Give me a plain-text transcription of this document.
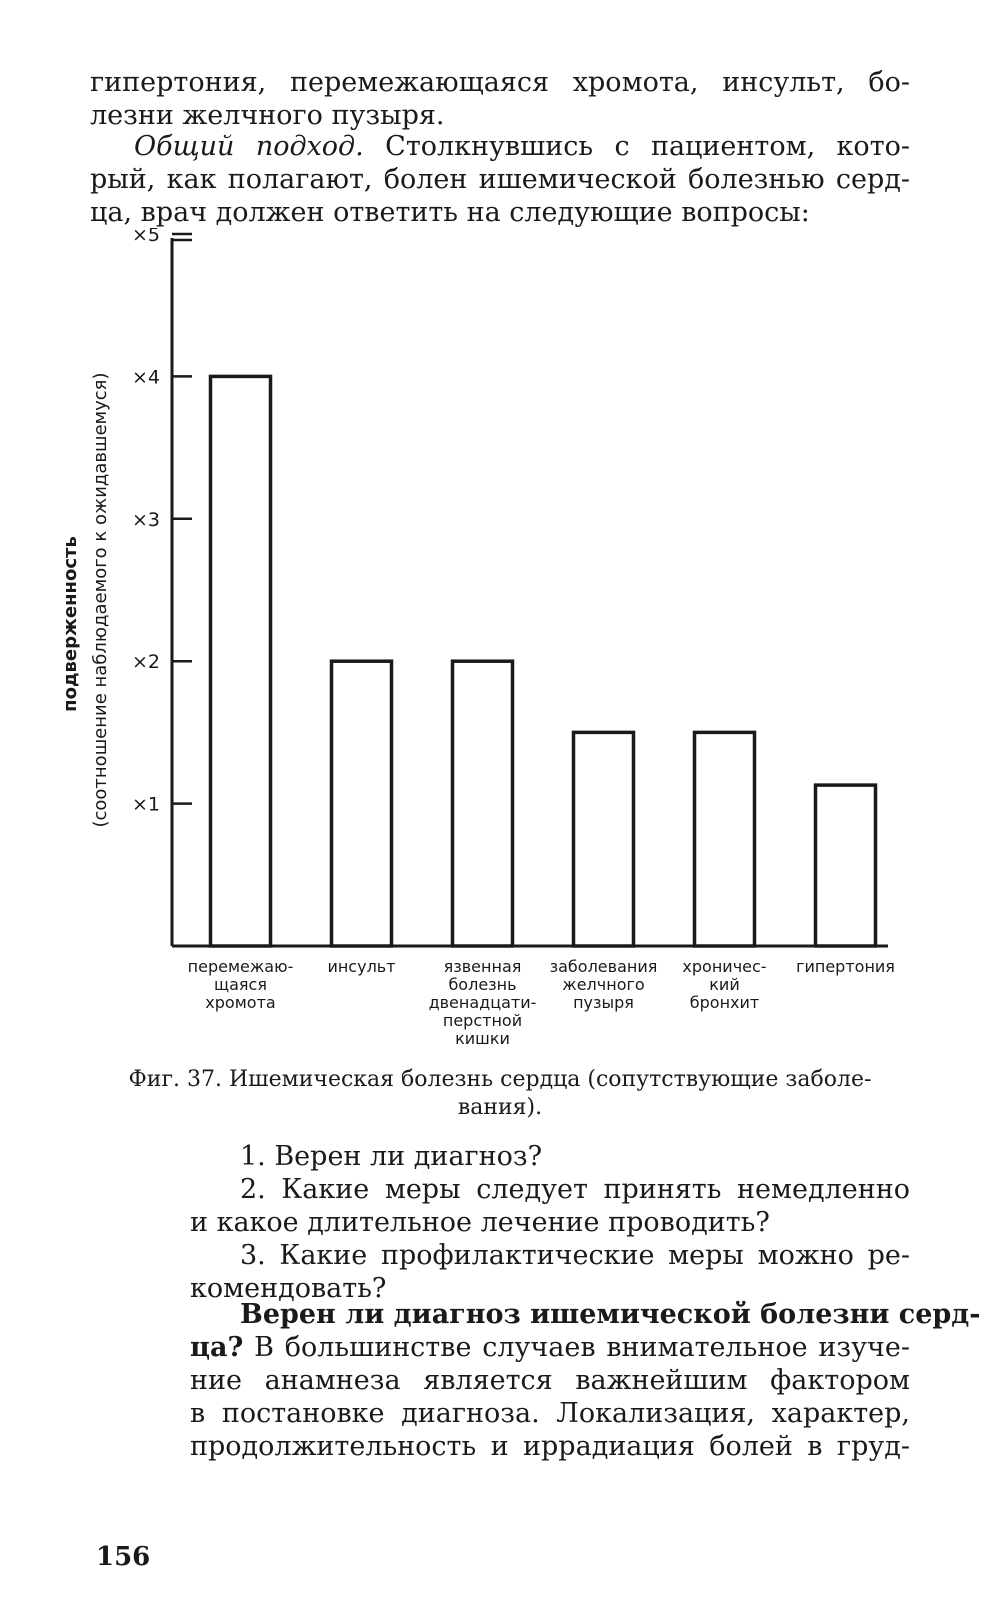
гипертония, перемежающаяся хромота, инсульт, бо-
лезни желчного пузыря.

Общий подход. Столкнувшись с пациентом, кото-
рый, как полагают, болен ишемической болезнью серд-
ца, врач должен ответить на следующие вопросы:

подверженность (соотношение наблюдаемого к ожидавшемуся) ×1
×2
×3
×4
×5
перемежаю-щаяся хромота
инсульт	язвенная болезнь двенадцати-перстной кишки
заболевания желчного пузыря
хроничес-кий бронхит
гипертония
Фиг. 37. Ишемическая болезнь сердца (сопутствующие заболе-
вания).

1. Верен ли диагноз?
2. Какие меры следует принять немедленно
и какое длительное лечение проводить?
3. Какие профилактические меры можно ре-
комендовать?

Верен ли диагноз ишемической болезни серд-
ца? В большинстве случаев внимательное изуче-
ние анамнеза является важнейшим фактором
в постановке диагноза. Локализация, характер,
продолжительность и иррадиация болей в груд-

156
